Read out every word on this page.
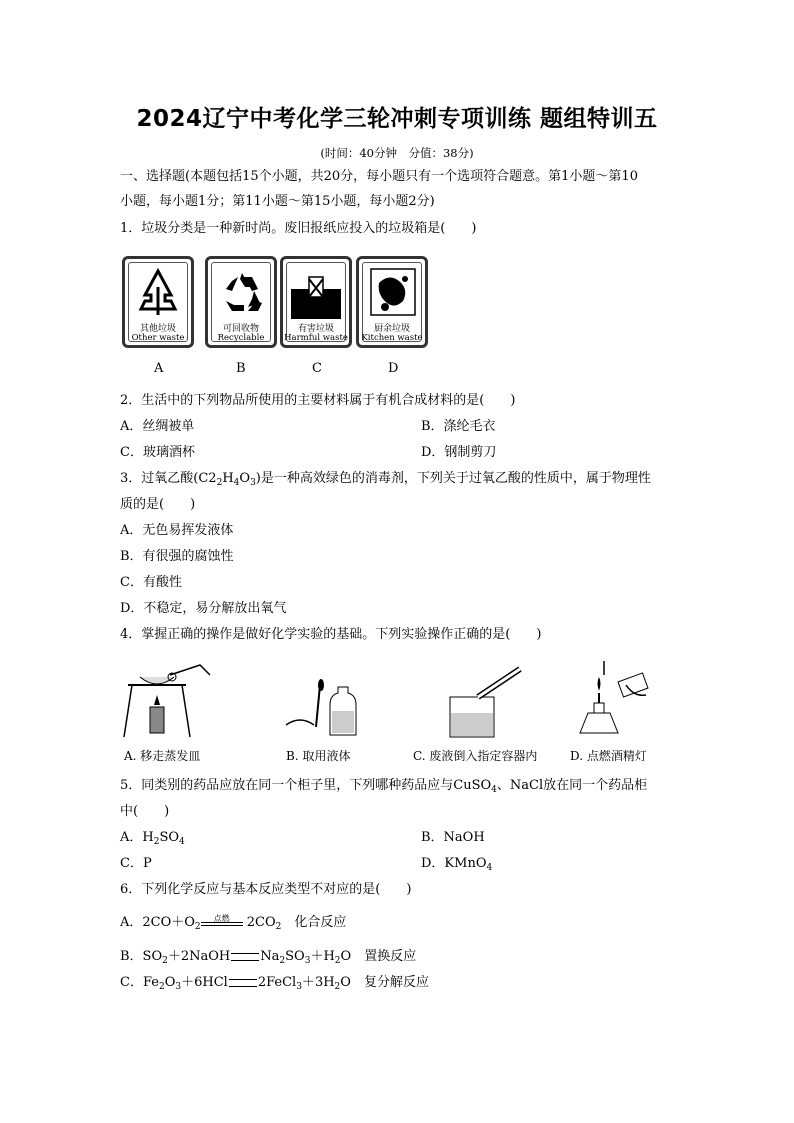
2024辽宁中考化学三轮冲刺专项训练 题组特训五
(时间：40分钟　分值：38分)
一、选择题(本题包括15个小题，共20分，每小题只有一个选项符合题意。第1小题～第10
小题，每小题1分；第11小题～第15小题，每小题2分)
1．垃圾分类是一种新时尚。废旧报纸应投入的垃圾箱是(　　)
其他垃圾
Other waste
可回收物
Recyclable
有害垃圾
Harmful waste
厨余垃圾
Kitchen waste
A	B	C	D
2．生活中的下列物品所使用的主要材料属于有机合成材料的是(　　)
A．丝绸被单	B．涤纶毛衣
C．玻璃酒杯	D．钢制剪刀
3．过氧乙酸$(C2_2H_4O_3)$是一种高效绿色的消毒剂，下列关于过氧乙酸的性质中，属于物理性
质的是(　　)
A．无色易挥发液体
B．有很强的腐蚀性
C．有酸性
D．不稳定，易分解放出氧气
4．掌握正确的操作是做好化学实验的基础。下列实验操作正确的是(　　)
A. 移走蒸发皿	B. 取用液体	C. 废液倒入指定容器内	D. 点燃酒精灯
5．同类别的药品应放在同一个柜子里，下列哪种药品应与CuSO$_4$、NaCl放在同一个药品柜
中(　　)
A．$H_2SO_4$	B．NaOH
C．P	D．KMnO$_4$
6．下列化学反应与基本反应类型不对应的是(　　)
A．$2CO+O_2$
点燃	$2CO_2$　 化合反应
B．$SO_2+2NaOH$ $Na_2SO_3+H_2O$　置换反应
C．$Fe_2O_3+6HCl$ $2FeCl_3+3H_2O$　复分解反应
